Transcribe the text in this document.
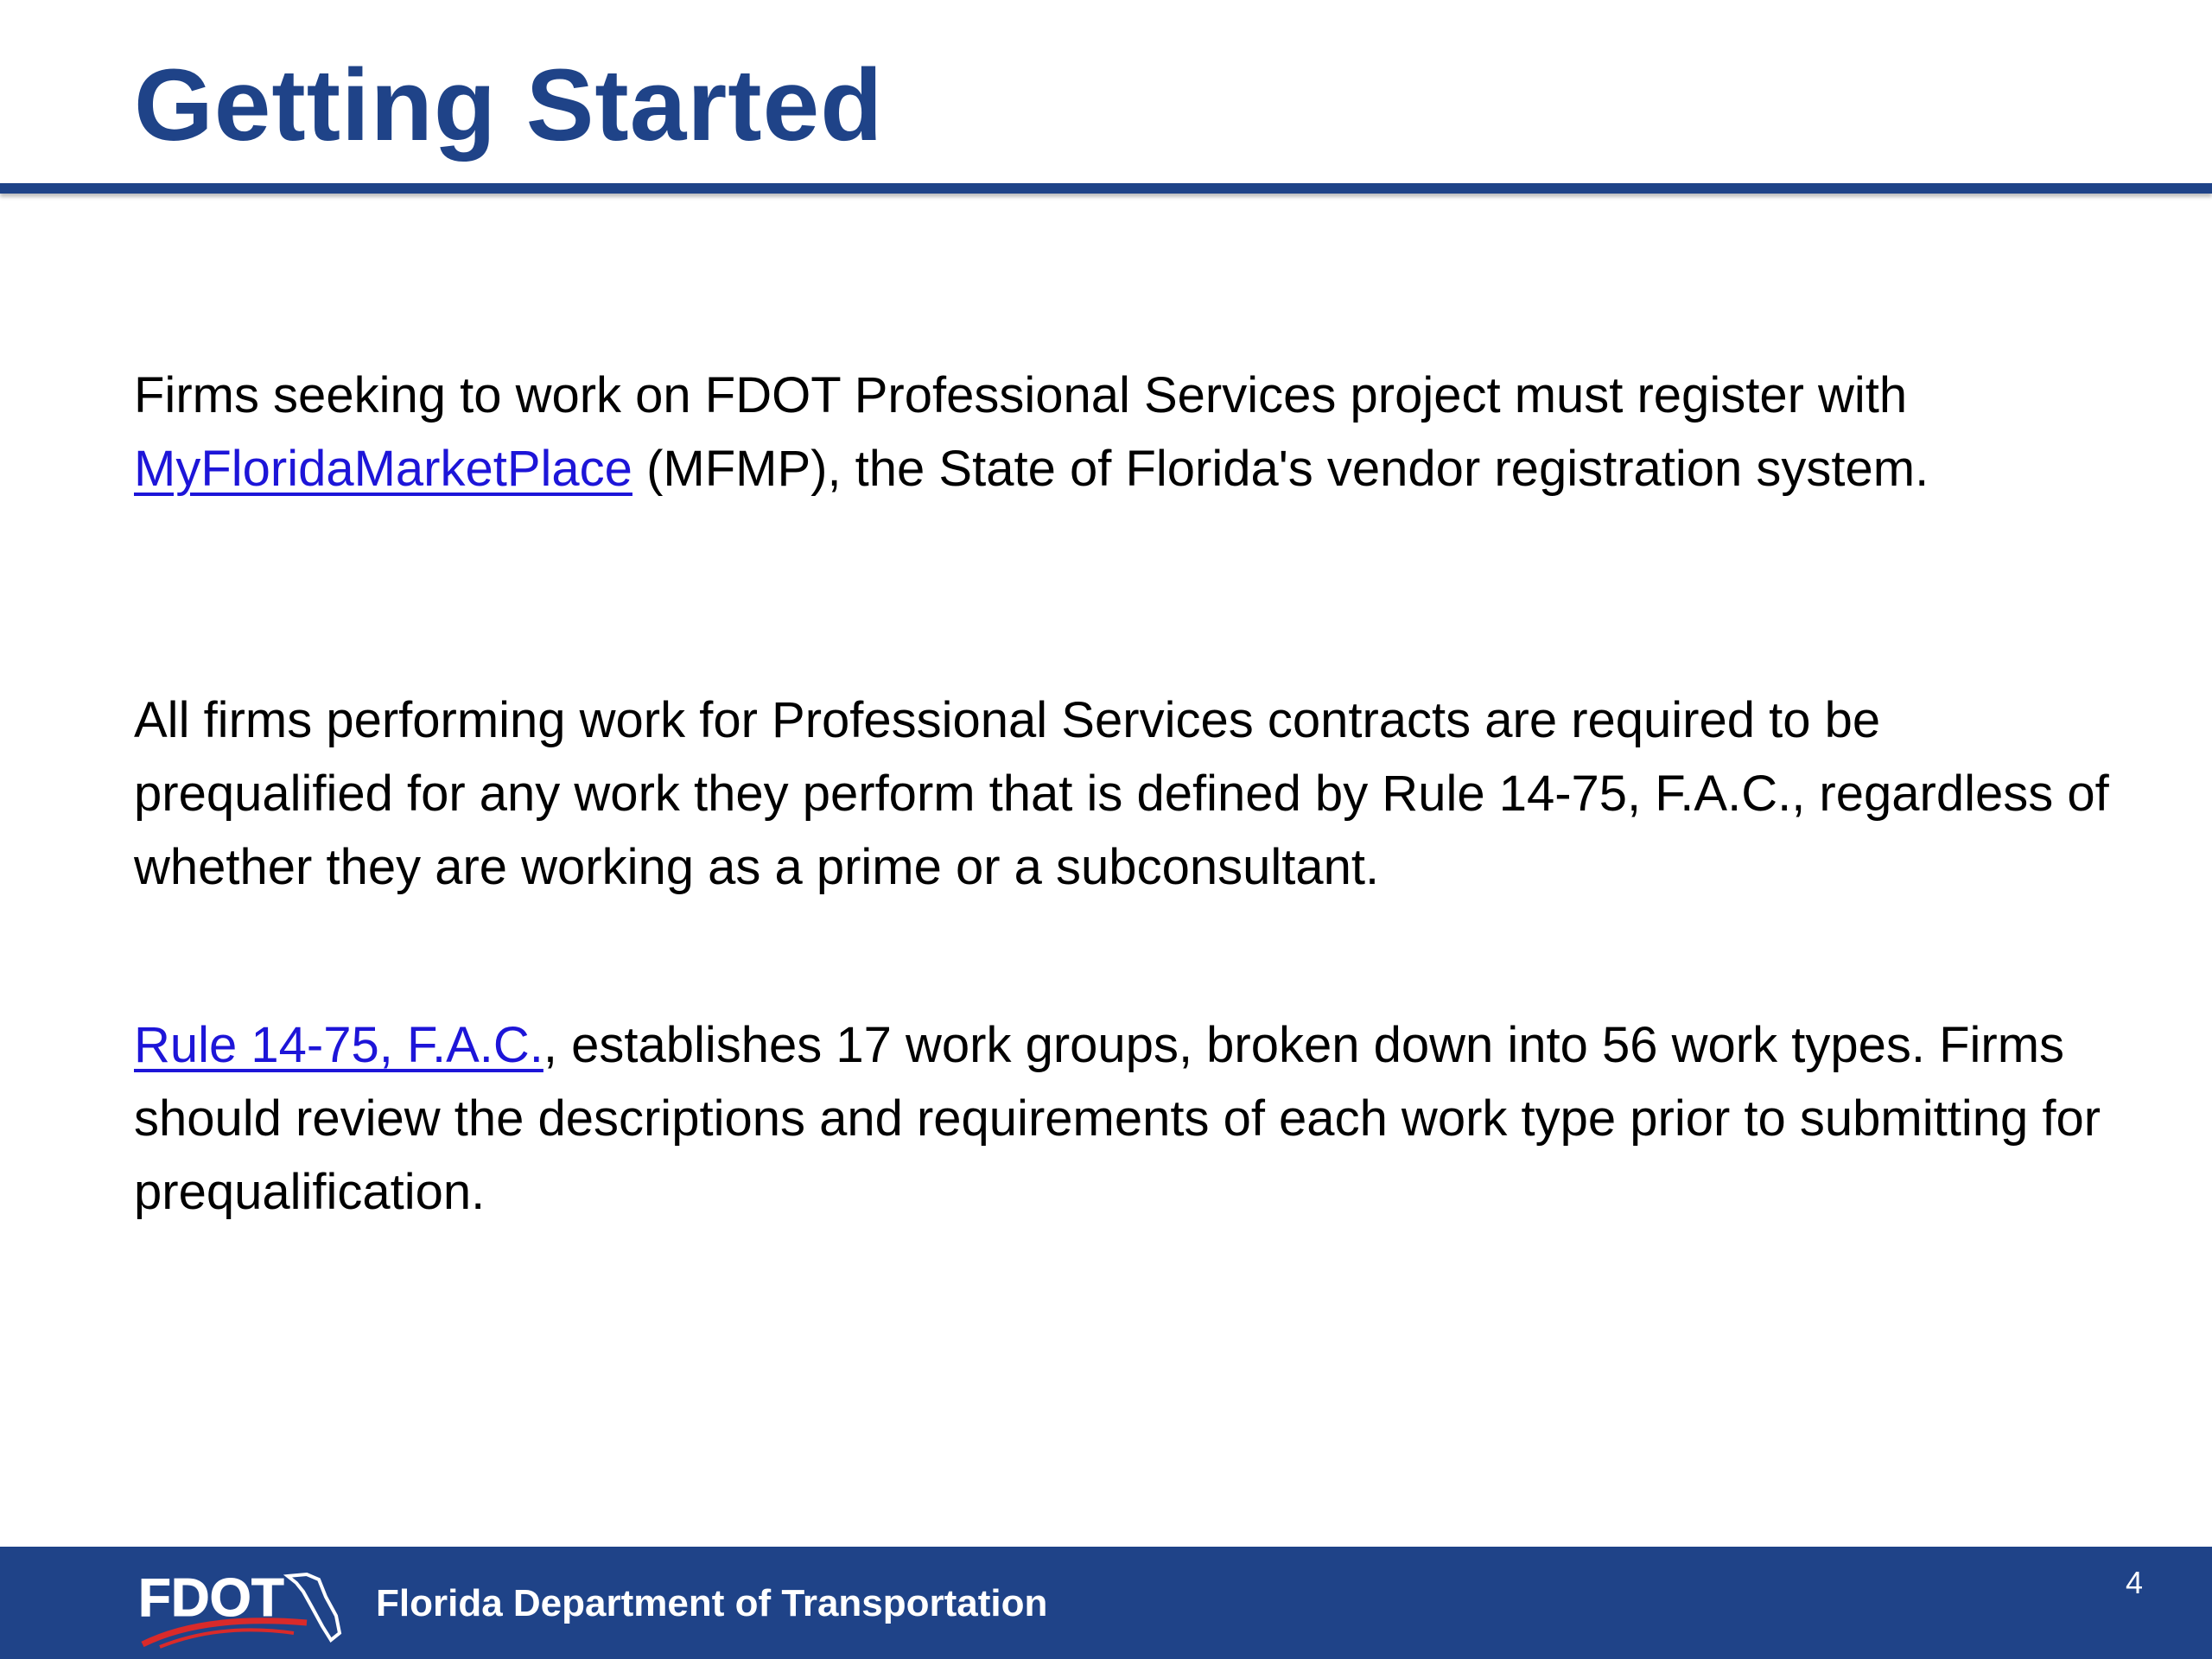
Getting Started

Firms seeking to work on FDOT Professional Services project must register with MyFloridaMarketPlace (MFMP), the State of Florida's vendor registration system.

All firms performing work for Professional Services contracts are required to be prequalified for any work they perform that is defined by Rule 14-75, F.A.C., regardless of whether they are working as a prime or a subconsultant.

Rule 14-75, F.A.C., establishes 17 work groups, broken down into 56 work types. Firms should review the descriptions and requirements of each work type prior to submitting for prequalification.

FDOT Florida Department of Transportation	4
